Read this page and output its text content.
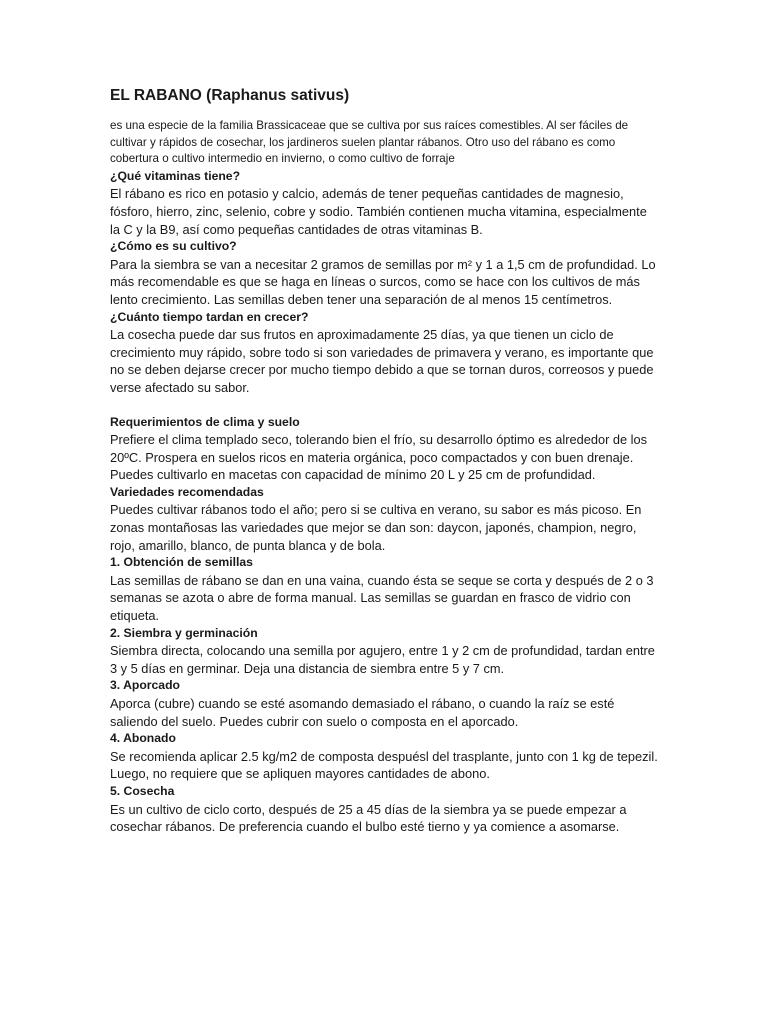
EL RABANO (Raphanus sativus)

es una especie de la familia Brassicaceae que se cultiva por sus raíces comestibles. Al ser fáciles de cultivar y rápidos de cosechar, los jardineros suelen plantar rábanos. Otro uso del rábano es como cobertura o cultivo intermedio en invierno, o como cultivo de forraje

¿Qué vitaminas tiene?

El rábano es rico en potasio y calcio, además de tener pequeñas cantidades de magnesio, fósforo, hierro, zinc, selenio, cobre y sodio. También contienen mucha vitamina, especialmente la C y la B9, así como pequeñas cantidades de otras vitaminas B.

¿Cómo es su cultivo?

Para la siembra se van a necesitar 2 gramos de semillas por m² y 1 a 1,5 cm de profundidad. Lo más recomendable es que se haga en líneas o surcos, como se hace con los cultivos de más lento crecimiento. Las semillas deben tener una separación de al menos 15 centímetros.

¿Cuánto tiempo tardan en crecer?

La cosecha puede dar sus frutos en aproximadamente 25 días, ya que tienen un ciclo de crecimiento muy rápido, sobre todo si son variedades de primavera y verano, es importante que no se deben dejarse crecer por mucho tiempo debido a que se tornan duros, correosos y puede verse afectado su sabor.

Requerimientos de clima y suelo

Prefiere el clima templado seco, tolerando bien el frío, su desarrollo óptimo es alrededor de los 20ºC. Prospera en suelos ricos en materia orgánica, poco compactados y con buen drenaje. Puedes cultivarlo en macetas con capacidad de mínimo 20 L y 25 cm de profundidad.

Variedades recomendadas

Puedes cultivar rábanos todo el año; pero si se cultiva en verano, su sabor es más picoso. En zonas montañosas las variedades que mejor se dan son: daycon, japonés, champion, negro, rojo, amarillo, blanco, de punta blanca y de bola.

1. Obtención de semillas

Las semillas de rábano se dan en una vaina, cuando ésta se seque se corta y después de 2 o 3 semanas se azota o abre de forma manual. Las semillas se guardan en frasco de vidrio con etiqueta.

2. Siembra y germinación

Siembra directa, colocando una semilla por agujero, entre 1 y 2 cm de profundidad, tardan entre 3 y 5 días en germinar. Deja una distancia de siembra entre 5 y 7 cm.

3. Aporcado

Aporca (cubre) cuando se esté asomando demasiado el rábano, o cuando la raíz se esté saliendo del suelo. Puedes cubrir con suelo o composta en el aporcado.

4. Abonado

Se recomienda aplicar 2.5 kg/m2 de composta despuésl del trasplante, junto con 1 kg de tepezil. Luego, no requiere que se apliquen mayores cantidades de abono.

5. Cosecha

Es un cultivo de ciclo corto, después de 25 a 45 días de la siembra ya se puede empezar a cosechar rábanos. De preferencia cuando el bulbo esté tierno y ya comience a asomarse.
